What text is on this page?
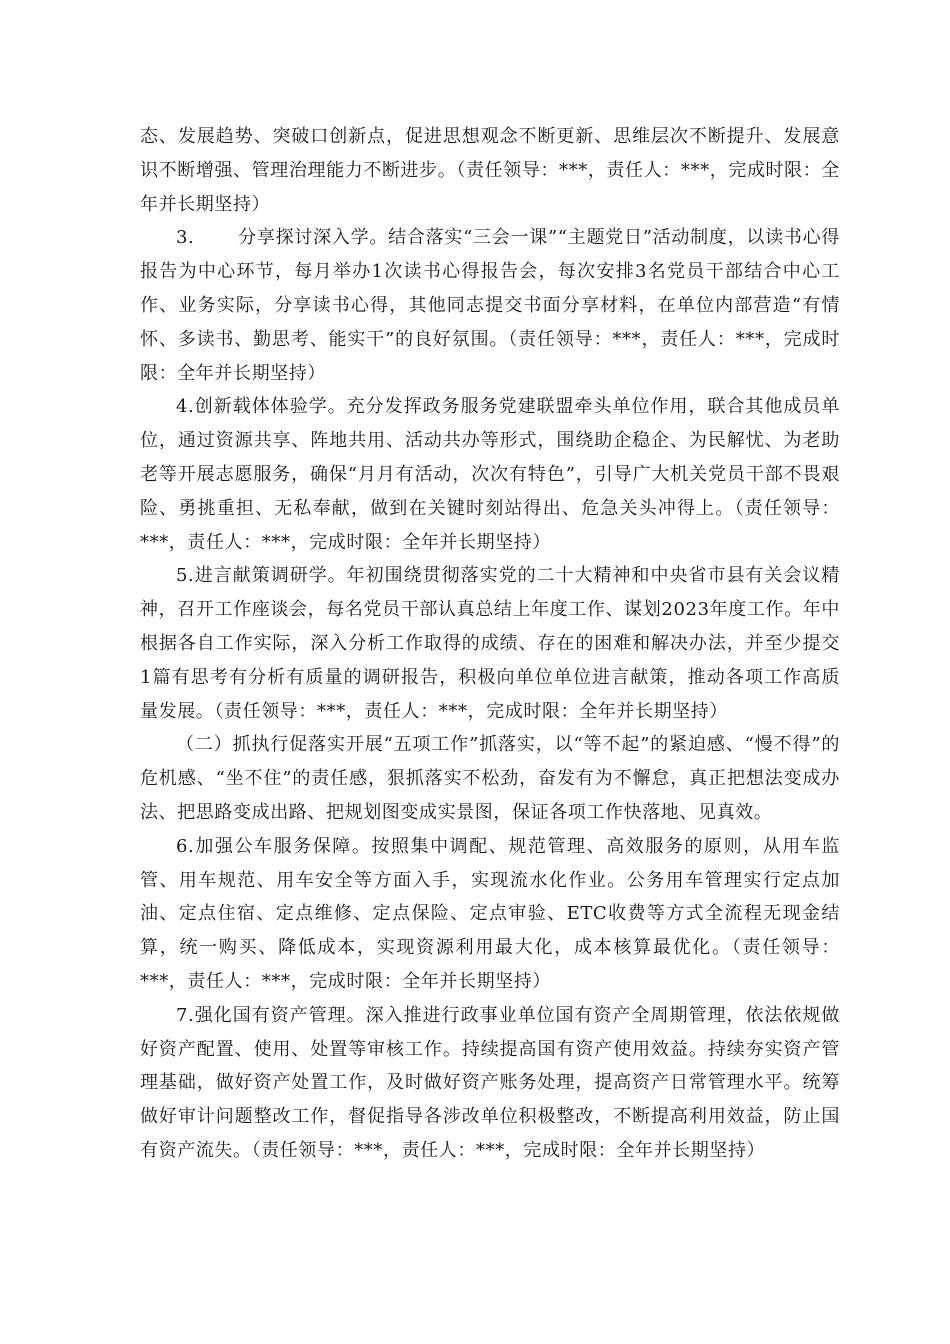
态、发展趋势、突破口创新点，促进思想观念不断更新、思维层次不断提升、发展意识不断增强、管理治理能力不断进步。（责任领导：***，责任人：***，完成时限：全年并长期坚持）

3. 分享探讨深入学。结合落实“三会一课”“主题党日”活动制度，以读书心得报告为中心环节，每月举办1次读书心得报告会，每次安排3名党员干部结合中心工作、业务实际，分享读书心得，其他同志提交书面分享材料，在单位内部营造“有情怀、多读书、勤思考、能实干”的良好氛围。（责任领导：***，责任人：***，完成时限：全年并长期坚持）

4.创新载体体验学。充分发挥政务服务党建联盟牵头单位作用，联合其他成员单位，通过资源共享、阵地共用、活动共办等形式，围绕助企稳企、为民解忧、为老助老等开展志愿服务，确保“月月有活动，次次有特色”，引导广大机关党员干部不畏艰险、勇挑重担、无私奉献，做到在关键时刻站得出、危急关头冲得上。（责任领导：***，责任人：***，完成时限：全年并长期坚持）

5.进言献策调研学。年初围绕贯彻落实党的二十大精神和中央省市县有关会议精神，召开工作座谈会，每名党员干部认真总结上年度工作、谋划2023年度工作。年中根据各自工作实际，深入分析工作取得的成绩、存在的困难和解决办法，并至少提交1篇有思考有分析有质量的调研报告，积极向单位单位进言献策，推动各项工作高质量发展。（责任领导：***，责任人：***，完成时限：全年并长期坚持）

（二）抓执行促落实开展“五项工作”抓落实，以“等不起”的紧迫感、“慢不得”的危机感、“坐不住”的责任感，狠抓落实不松劲，奋发有为不懈怠，真正把想法变成办法、把思路变成出路、把规划图变成实景图，保证各项工作快落地、见真效。

6.加强公车服务保障。按照集中调配、规范管理、高效服务的原则，从用车监管、用车规范、用车安全等方面入手，实现流水化作业。公务用车管理实行定点加油、定点住宿、定点维修、定点保险、定点审验、ETC收费等方式全流程无现金结算，统一购买、降低成本，实现资源利用最大化，成本核算最优化。（责任领导：***，责任人：***，完成时限：全年并长期坚持）

7.强化国有资产管理。深入推进行政事业单位国有资产全周期管理，依法依规做好资产配置、使用、处置等审核工作。持续提高国有资产使用效益。持续夯实资产管理基础，做好资产处置工作，及时做好资产账务处理，提高资产日常管理水平。统筹做好审计问题整改工作，督促指导各涉改单位积极整改，不断提高利用效益，防止国有资产流失。（责任领导：***，责任人：***，完成时限：全年并长期坚持）
